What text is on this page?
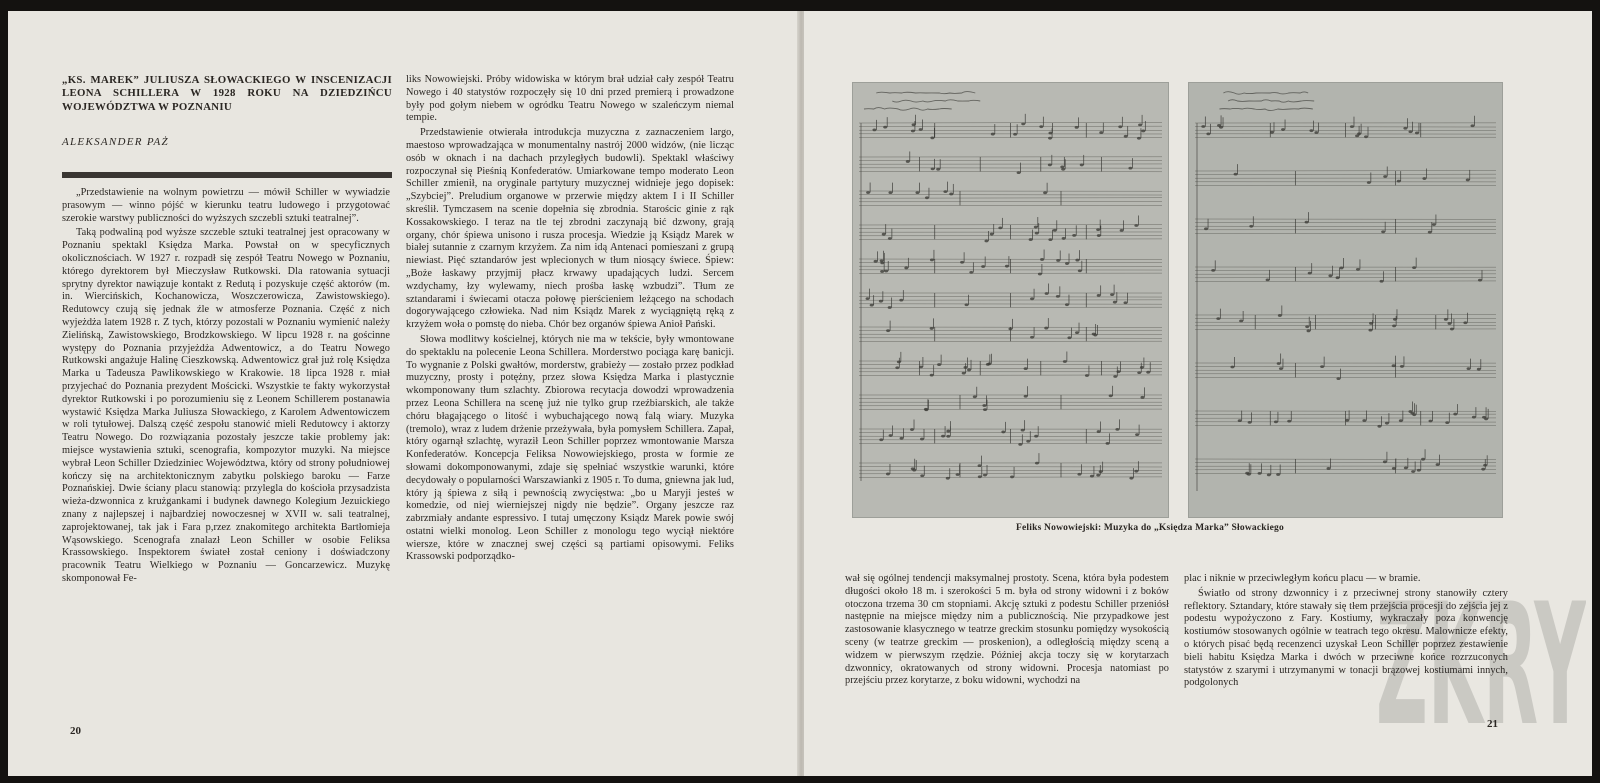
„KS. MAREK” JULIUSZA SŁOWACKIEGO W INSCENIZACJI LEONA SCHILLERA W 1928 ROKU NA DZIEDZIŃCU WOJEWÓDZTWA W POZNANIU
ALEKSANDER PAŻ

„Przedstawienie na wolnym powietrzu — mówił Schiller w wywiadzie prasowym — winno pójść w kierunku teatru ludowego i przygotować szerokie warstwy publiczności do wyższych szczebli sztuki teatralnej”.

Taką podwaliną pod wyższe szczeble sztuki teatralnej jest opracowany w Poznaniu spektakl Księdza Marka. Powstał on w specyficznych okolicznościach. W 1927 r. rozpadł się zespół Teatru Nowego w Poznaniu, którego dyrektorem był Mieczysław Rutkowski. Dla ratowania sytuacji sprytny dyrektor nawiązuje kontakt z Redutą i pozyskuje część aktorów (m. in. Wiercińskich, Kochanowicza, Woszczerowicza, Zawistowskiego). Redutowcy czują się jednak źle w atmosferze Poznania. Część z nich wyjeżdża latem 1928 r. Z tych, którzy pozostali w Poznaniu wymienić należy Zielińską, Zawistowskiego, Brodzkowskiego. W lipcu 1928 r. na gościnne występy do Poznania przyjeżdża Adwentowicz, a do Teatru Nowego Rutkowski angażuje Halinę Cieszkowską. Adwentowicz grał już rolę Księdza Marka u Tadeusza Pawlikowskiego w Krakowie. 18 lipca 1928 r. miał przyjechać do Poznania prezydent Mościcki. Wszystkie te fakty wykorzystał dyrektor Rutkowski i po porozumieniu się z Leonem Schillerem postanawia wystawić Księdza Marka Juliusza Słowackiego, z Karolem Adwentowiczem w roli tytułowej. Dalszą część zespołu stanowić mieli Redutowcy i aktorzy Teatru Nowego. Do rozwiązania pozostały jeszcze takie problemy jak: miejsce wystawienia sztuki, scenografia, kompozytor muzyki. Na miejsce wybrał Leon Schiller Dziedziniec Województwa, który od strony południowej kończy się na architektonicznym zabytku polskiego baroku — Farze Poznańskiej. Dwie ściany placu stanowią: przylegla do kościoła przysadzista wieża-dzwonnica z krużgankami i budynek dawnego Kolegium Jezuickiego znany z najlepszej i najbardziej nowoczesnej w XVII w. sali teatralnej, zaprojektowanej, tak jak i Fara p,rzez znakomitego architekta Bartłomieja Wąsowskiego. Scenografa znalazł Leon Schiller w osobie Feliksa Krassowskiego. Inspektorem świateł został ceniony i doświadczony pracownik Teatru Wielkiego w Poznaniu — Goncarzewicz. Muzykę skomponował Fe-

liks Nowowiejski. Próby widowiska w którym brał udział cały zespół Teatru Nowego i 40 statystów rozpoczęły się 10 dni przed premierą i prowadzone były pod gołym niebem w ogródku Teatru Nowego w szaleńczym niemal tempie.

Przedstawienie otwierała introdukcja muzyczna z zaznaczeniem largo, maestoso wprowadzająca w monumentalny nastrój 2000 widzów, (nie licząc osób w oknach i na dachach przyległych budowli). Spektakl właściwy rozpoczynał się Pieśnią Konfederatów. Umiarkowane tempo moderato Leon Schiller zmienił, na oryginale partytury muzycznej widnieje jego dopisek: „Szybciej”. Preludium organowe w przerwie między aktem I i II Schiller skreślił. Tymczasem na scenie dopełnia się zbrodnia. Starościc ginie z rąk Kossakowskiego. I teraz na tle tej zbrodni zaczynają bić dzwony, grają organy, chór śpiewa unisono i rusza procesja. Wiedzie ją Ksiądz Marek w białej sutannie z czarnym krzyżem. Za nim idą Antenaci pomieszani z grupą niewiast. Pięć sztandarów jest wplecionych w tłum niosący świece. Śpiew: „Boże łaskawy przyjmij płacz krwawy upadających ludzi. Sercem wzdychamy, łzy wylewamy, niech prośba łaskę wzbudzi”. Tłum ze sztandarami i świecami otacza połowę pierścieniem leżącego na schodach dogorywającego człowieka. Nad nim Ksiądz Marek z wyciągniętą ręką z krzyżem woła o pomstę do nieba. Chór bez organów śpiewa Anioł Pański.

Słowa modlitwy kościelnej, których nie ma w tekście, były wmontowane do spektaklu na polecenie Leona Schillera. Morderstwo pociąga karę banicji. To wygnanie z Polski gwałtów, morderstw, grabieży — zostało przez podkład muzyczny, prosty i potężny, przez słowa Księdza Marka i plastycznie wkomponowany tłum szlachty. Zbiorowa recytacja dowodzi wprowadzenia przez Leona Schillera na scenę już nie tylko grup rzeźbiarskich, ale także chóru błagającego o litość i wybuchającego nową falą wiary. Muzyka (tremolo), wraz z ludem drżenie przeżywała, była pomysłem Schillera. Zapał, który ogarnął szlachtę, wyraził Leon Schiller poprzez wmontowanie Marsza Konfederatów. Koncepcja Feliksa Nowowiejskiego, prosta w formie ze słowami dokomponowanymi, zdaje się spełniać wszystkie warunki, które decydowały o popularności Warszawianki z 1905 r. To duma, gniewna jak lud, który ją śpiewa z siłą i pewnością zwycięstwa: „bo u Maryji jesteś w komedzie, od niej wierniejszej nigdy nie będzie”. Organy jeszcze raz zabrzmiały andante espressivo. I tutaj umęczony Ksiądz Marek powie swój ostatni wielki monolog. Leon Schiller z monologu tego wyciął niektóre wiersze, które w znacznej swej części są partiami opisowymi. Feliks Krassowski podporządko-

20
Feliks Nowowiejski: Muzyka do „Księdza Marka” Słowackiego

wał się ogólnej tendencji maksymalnej prostoty. Scena, która była podestem długości około 18 m. i szerokości 5 m. była od strony widowni i z boków otoczona trzema 30 cm stopniami. Akcję sztuki z podestu Schiller przeniósł następnie na miejsce między nim a publicznością. Nie przypadkowe jest zastosowanie klasycznego w teatrze greckim stosunku pomiędzy wysokością sceny (w teatrze greckim — proskenion), a odległością między sceną a widzem w pierwszym rzędzie. Później akcja toczy się w korytarzach dzwonnicy, okratowanych od strony widowni. Procesja natomiast po przejściu przez korytarze, z boku widowni, wychodzi na

plac i niknie w przeciwległym końcu placu — w bramie.

Światło od strony dzwonnicy i z przeciwnej strony stanowiły cztery reflektory. Sztandary, które stawały się tłem przejścia procesji do zejścia jej z podestu wypożyczono z Fary. Kostiumy, wykraczały poza konwencję kostiumów stosowanych ogólnie w teatrach tego okresu. Malownicze efekty, o których pisać będą recenzenci uzyskał Leon Schiller poprzez zestawienie bieli habitu Księdza Marka i dwóch w przeciwne końce rozrzuconych statystów z szarymi i utrzymanymi w tonacji brązowej kostiumami innych, podgolonych

21
ZKRY
